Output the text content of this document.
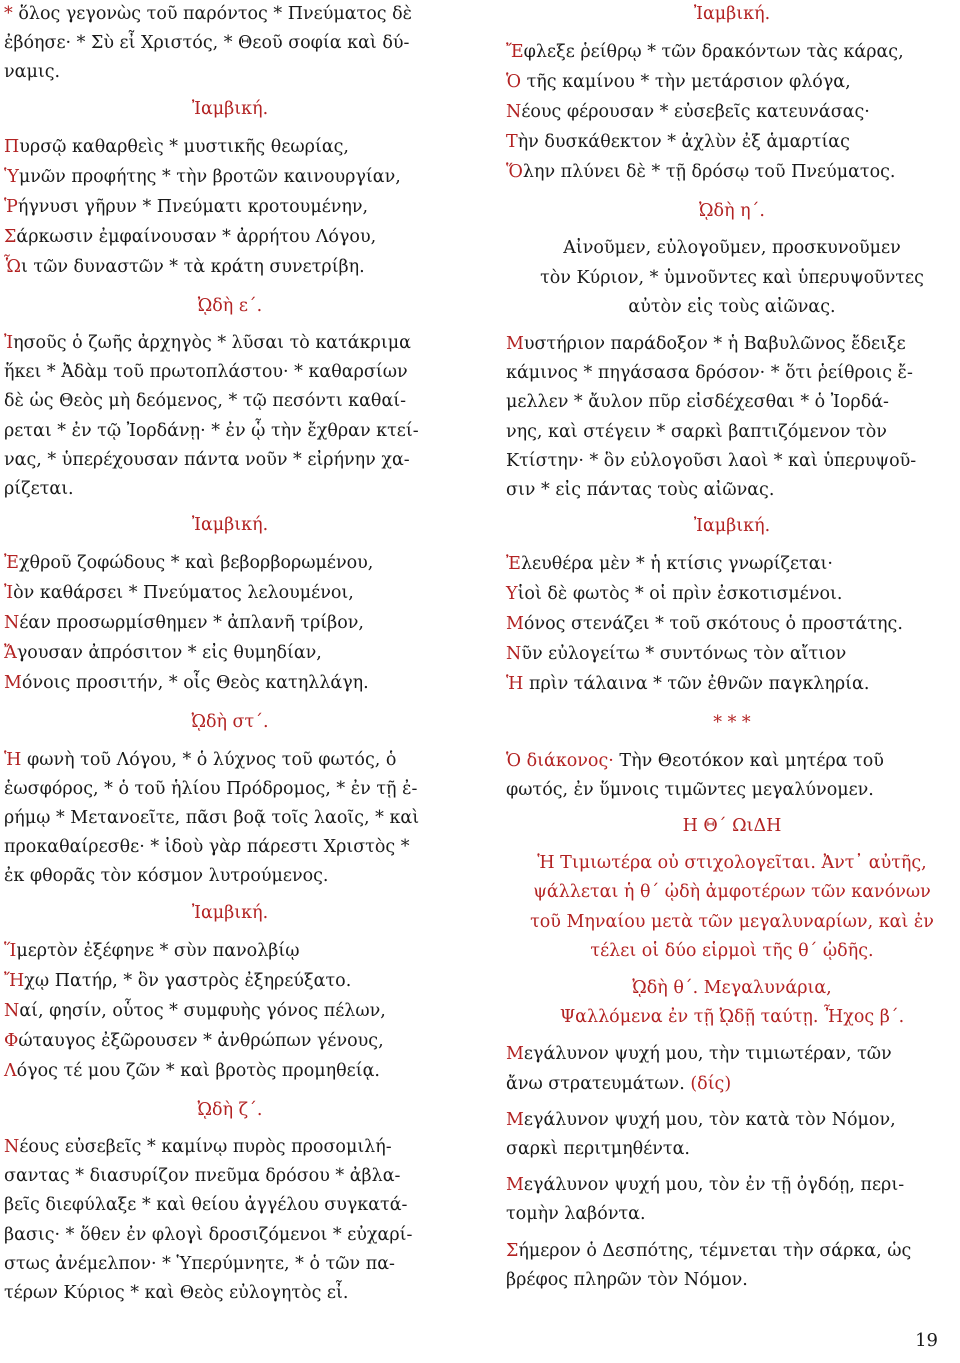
* ὅλος γεγονὼς τοῦ παρόντος * Πνεύματος δὲ
ἐβόησε· * Σὺ εἶ Χριστός, * Θεοῦ σοφία καὶ δύ-
ναμις.
Ἰαμβική.
Πυρσῷ καθαρθεὶς * μυστικῆς θεωρίας,
Ὑμνῶν προφήτης * τὴν βροτῶν καινουργίαν,
Ῥήγνυσι γῆρυν * Πνεύματι κροτουμένην,
Σάρκωσιν ἐμφαίνουσαν * ἀρρήτου Λόγου,
Ὧι τῶν δυναστῶν * τὰ κράτη συνετρίβη.
ᾨδὴ ε΄.
Ἰησοῦς ὁ ζωῆς ἀρχηγὸς * λῦσαι τὸ κατάκριμα
ἥκει * Ἀδὰμ τοῦ πρωτοπλάστου· * καθαρσίων
δὲ ὡς Θεὸς μὴ δεόμενος, * τῷ πεσόντι καθαί-
ρεται * ἐν τῷ Ἰορδάνῃ· * ἐν ᾧ τὴν ἔχθραν κτεί-
νας, * ὑπερέχουσαν πάντα νοῦν * εἰρήνην χα-
ρίζεται.
Ἰαμβική.
Ἐχθροῦ ζοφώδους * καὶ βεβορβορωμένου,
Ἰὸν καθάρσει * Πνεύματος λελουμένοι,
Νέαν προσωρμίσθημεν * ἀπλανῆ τρίβον,
Ἄγουσαν ἀπρόσιτον * εἰς θυμηδίαν,
Μόνοις προσιτήν, * οἷς Θεὸς κατηλλάγη.
ᾨδὴ στ΄.
Ἡ φωνὴ τοῦ Λόγου, * ὁ λύχνος τοῦ φωτός, ὁ
ἑωσφόρος, * ὁ τοῦ ἡλίου Πρόδρομος, * ἐν τῇ ἐ-
ρήμῳ * Μετανοεῖτε, πᾶσι βοᾷ τοῖς λαοῖς, * καὶ
προκαθαίρεσθε· * ἰδοὺ γὰρ πάρεστι Χριστὸς *
ἐκ φθορᾶς τὸν κόσμον λυτρούμενος.
Ἰαμβική.
Ἵμερτὸν ἐξέφηνε * σὺν πανολβίῳ
Ἤχῳ Πατήρ, * ὃν γαστρὸς ἐξηρεύξατο.
Ναί, φησίν, οὗτος * συμφυὴς γόνος πέλων,
Φώταυγος ἐξῶρουσεν * ἀνθρώπων γένους,
Λόγος τέ μου ζῶν * καὶ βροτὸς προμηθείᾳ.
ᾨδὴ ζ΄.
Νέους εὐσεβεῖς * καμίνῳ πυρὸς προσομιλή-
σαντας * διασυρίζον πνεῦμα δρόσου * ἀβλα-
βεῖς διεφύλαξε * καὶ θείου ἀγγέλου συγκατά-
βασις· * ὅθεν ἐν φλογὶ δροσιζόμενοι * εὐχαρί-
στως ἀνέμελπον· * Ὑπερύμνητε, * ὁ τῶν πα-
τέρων Κύριος * καὶ Θεὸς εὐλογητὸς εἶ.
Ἰαμβική.
Ἔφλεξε ῥείθρῳ * τῶν δρακόντων τὰς κάρας,
Ὁ τῆς καμίνου * τὴν μετάρσιον φλόγα,
Νέους φέρουσαν * εὐσεβεῖς κατευνάσας·
Τὴν δυσκάθεκτον * ἀχλὺν ἐξ ἁμαρτίας
Ὅλην πλύνει δὲ * τῇ δρόσῳ τοῦ Πνεύματος.
ᾨδὴ η΄.
Αἰνοῦμεν, εὐλογοῦμεν, προσκυνοῦμεν
τὸν Κύριον, * ὑμνοῦντες καὶ ὑπερυψοῦντες
αὐτὸν εἰς τοὺς αἰῶνας.
Μυστήριον παράδοξον * ἡ Βαβυλῶνος ἔδειξε
κάμινος * πηγάσασα δρόσον· * ὅτι ῥείθροις ἔ-
μελλεν * ἄυλον πῦρ εἰσδέχεσθαι * ὁ Ἰορδά-
νης, καὶ στέγειν * σαρκὶ βαπτιζόμενον τὸν
Κτίστην· * ὃν εὐλογοῦσι λαοὶ * καὶ ὑπερυψοῦ-
σιν * εἰς πάντας τοὺς αἰῶνας.
Ἰαμβική.
Ἐλευθέρα μὲν * ἡ κτίσις γνωρίζεται·
Υἱοὶ δὲ φωτὸς * οἱ πρὶν ἐσκοτισμένοι.
Μόνος στενάζει * τοῦ σκότους ὁ προστάτης.
Νῦν εὐλογείτω * συντόνως τὸν αἴτιον
Ἡ πρὶν τάλαινα * τῶν ἐθνῶν παγκληρία.
* * *
Ὁ διάκονος· Τὴν Θεοτόκον καὶ μητέρα τοῦ
φωτός, ἐν ὕμνοις τιμῶντες μεγαλύνομεν.
Η Θ΄ ΩιΔΗ
Ἡ Τιμιωτέρα οὐ στιχολογεῖται. Ἀντ᾽ αὐτῆς,
ψάλλεται ἡ θ΄ ᾠδὴ ἀμφοτέρων τῶν κανόνων
τοῦ Μηναίου μετὰ τῶν μεγαλυναρίων, καὶ ἐν
τέλει οἱ δύο εἱρμοὶ τῆς θ΄ ᾠδῆς.
ᾨδὴ θ΄. Μεγαλυνάρια,
Ψαλλόμενα ἐν τῇ ᾨδῇ ταύτῃ. Ἦχος β΄.
Μεγάλυνον ψυχή μου, τὴν τιμιωτέραν, τῶν
ἄνω στρατευμάτων. (δίς)
Μεγάλυνον ψυχή μου, τὸν κατὰ τὸν Νόμον,
σαρκὶ περιτμηθέντα.
Μεγάλυνον ψυχή μου, τὸν ἐν τῇ ὀγδόῃ, περι-
τομὴν λαβόντα.
Σήμερον ὁ Δεσπότης, τέμνεται τὴν σάρκα, ὡς
βρέφος πληρῶν τὸν Νόμον.
19
